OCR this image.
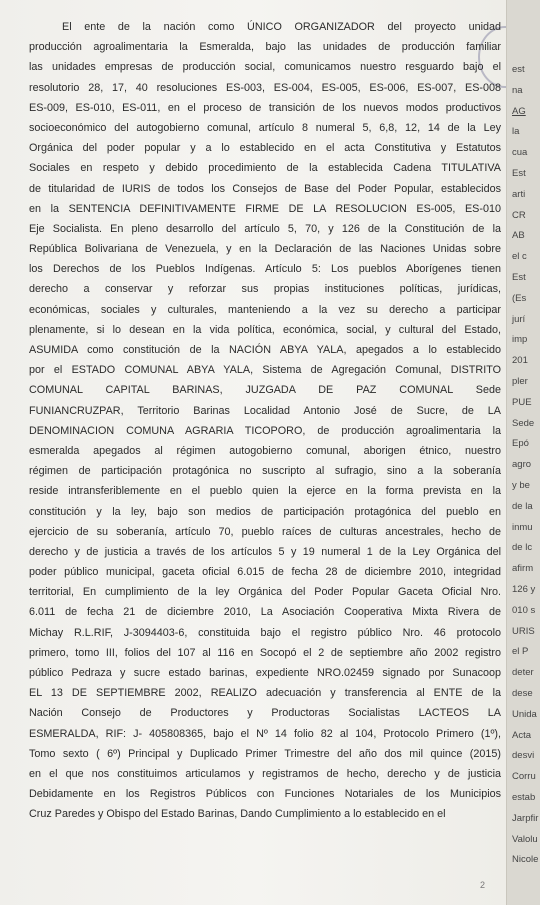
El ente de la nación como ÚNICO ORGANIZADOR del proyecto unidad
producción agroalimentaria la Esmeralda, bajo las unidades de producción familiar
las unidades empresas de producción social, comunicamos nuestro resguardo bajo el
resolutorio 28, 17, 40 resoluciones ES-003, ES-004, ES-005, ES-006, ES-007, ES-008
ES-009, ES-010, ES-011, en el proceso de transición de los nuevos modos productivos
socioeconómico del autogobierno comunal, artículo 8 numeral 5, 6,8, 12, 14 de la Ley
Orgánica del poder popular y a lo establecido en el acta Constitutiva y Estatutos
Sociales en respeto y debido procedimiento de la establecida Cadena TITULATIVA
de titularidad de IURIS de todos los Consejos de Base del Poder Popular, establecidos
en la SENTENCIA DEFINITIVAMENTE FIRME DE LA RESOLUCION ES-005, ES-010
Eje Socialista. En pleno desarrollo del artículo 5, 70, y 126 de la Constitución de la
República Bolivariana de Venezuela, y en la Declaración de las Naciones Unidas sobre
los Derechos de los Pueblos Indígenas. Artículo 5: Los pueblos Aborígenes tienen
derecho a conservar y reforzar sus propias instituciones políticas, jurídicas,
económicas, sociales y culturales, manteniendo a la vez su derecho a participar
plenamente, si lo desean en la vida política, económica, social, y cultural del Estado,
ASUMIDA como constitución de la NACIÓN ABYA YALA, apegados a lo establecido
por el ESTADO COMUNAL ABYA YALA, Sistema de Agregación Comunal, DISTRITO
COMUNAL CAPITAL BARINAS, JUZGADA DE PAZ COMUNAL Sede
FUNIANCRUZPAR, Territorio Barinas Localidad Antonio José de Sucre, de LA
DENOMINACION COMUNA AGRARIA TICOPORO, de producción agroalimentaria la
esmeralda apegados al régimen autogobierno comunal, aborigen étnico, nuestro
régimen de participación protagónica no suscripto al sufragio, sino a la soberanía
reside intransferiblemente en el pueblo quien la ejerce en la forma prevista en la
constitución y la ley, bajo son medios de participación protagónica del pueblo en
ejercicio de su soberanía, artículo 70, pueblo raíces de culturas ancestrales, hecho de
derecho y de justicia a través de los artículos 5 y 19 numeral 1 de la Ley Orgánica del
poder público municipal, gaceta oficial 6.015 de fecha 28 de diciembre 2010, integridad
territorial, En cumplimiento de la ley Orgánica del Poder Popular Gaceta Oficial Nro.
6.011 de fecha 21 de diciembre 2010, La Asociación Cooperativa Mixta Rivera de
Michay R.L.RIF, J-3094403-6, constituida bajo el registro público Nro. 46 protocolo
primero, tomo III, folios del 107 al 116 en Socopó el 2 de septiembre año 2002 registro
público Pedraza y sucre estado barinas, expediente NRO.02459 signado por Sunacoop
EL 13 DE SEPTIEMBRE 2002, REALIZO adecuación y transferencia al ENTE de la
Nación Consejo de Productores y Productoras Socialistas LACTEOS LA
ESMERALDA, RIF: J- 405808365, bajo el Nº 14 folio 82 al 104, Protocolo Primero (1º),
Tomo sexto ( 6º) Principal y Duplicado Primer Trimestre del año dos mil quince (2015)
en el que nos constituimos articulamos y registramos de hecho, derecho y de justicia
Debidamente en los Registros Públicos con Funciones Notariales de los Municipios
Cruz Paredes y Obispo del Estado Barinas, Dando Cumplimiento a lo establecido en el
2
est
na
AG
la
cua
Est
arti
CR
AB
el c
Est
(Es
jurí
imp
201
pler
PUE
Sede
Epó
agro
y be
de la
inmu
de lc
afirm
126 y
010 s
URIS
el P
deter
dese
Unida
Acta
desvi
Corru
estab
Jarpfir
Valolu
Nicole
